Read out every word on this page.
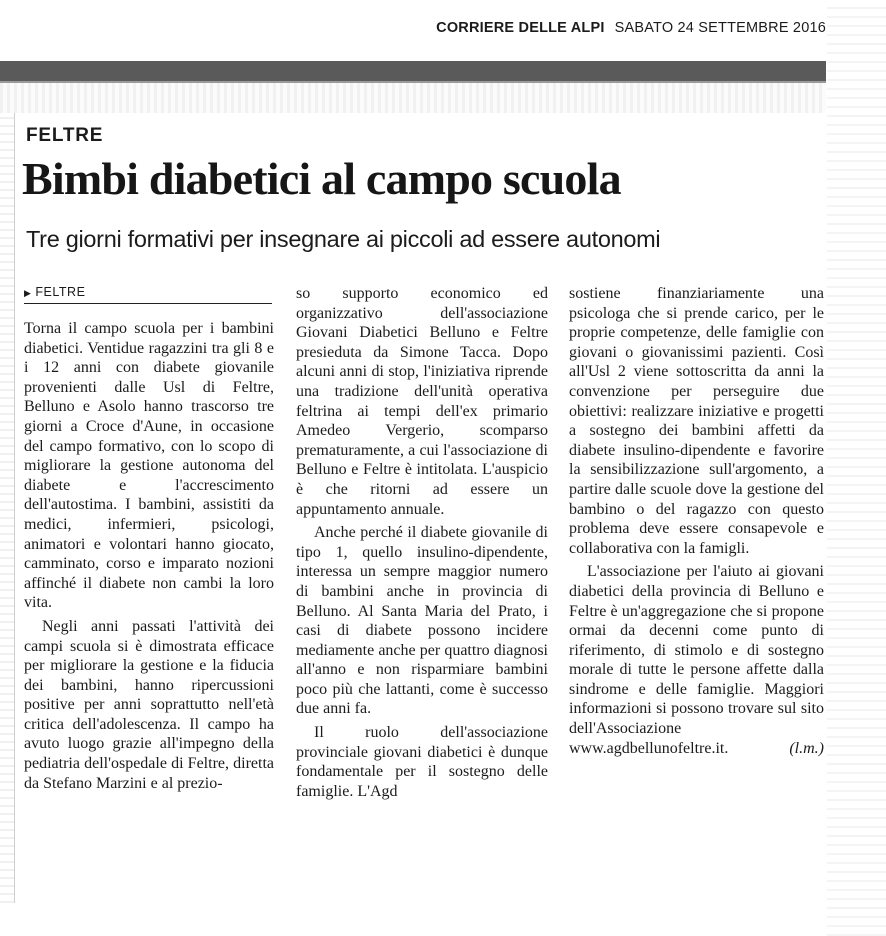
CORRIERE DELLE ALPI SABATO 24 SETTEMBRE 2016
FELTRE
Bimbi diabetici al campo scuola
Tre giorni formativi per insegnare ai piccoli ad essere autonomi
▶ FELTRE

Torna il campo scuola per i bambini diabetici. Ventidue ragazzini tra gli 8 e i 12 anni con diabete giovanile provenienti dalle Usl di Feltre, Belluno e Asolo hanno trascorso tre giorni a Croce d'Aune, in occasione del campo formativo, con lo scopo di migliorare la gestione autonoma del diabete e l'accrescimento dell'autostima. I bambini, assistiti da medici, infermieri, psicologi, animatori e volontari hanno giocato, camminato, corso e imparato nozioni affinché il diabete non cambi la loro vita.

Negli anni passati l'attività dei campi scuola si è dimostrata efficace per migliorare la gestione e la fiducia dei bambini, hanno ripercussioni positive per anni soprattutto nell'età critica dell'adolescenza. Il campo ha avuto luogo grazie all'impegno della pediatria dell'ospedale di Feltre, diretta da Stefano Marzini e al prezio-

so supporto economico ed organizzativo dell'associazione Giovani Diabetici Belluno e Feltre presieduta da Simone Tacca. Dopo alcuni anni di stop, l'iniziativa riprende una tradizione dell'unità operativa feltrina ai tempi dell'ex primario Amedeo Vergerio, scomparso prematuramente, a cui l'associazione di Belluno e Feltre è intitolata. L'auspicio è che ritorni ad essere un appuntamento annuale.

Anche perché il diabete giovanile di tipo 1, quello insulino-dipendente, interessa un sempre maggior numero di bambini anche in provincia di Belluno. Al Santa Maria del Prato, i casi di diabete possono incidere mediamente anche per quattro diagnosi all'anno e non risparmiare bambini poco più che lattanti, come è successo due anni fa.

Il ruolo dell'associazione provinciale giovani diabetici è dunque fondamentale per il sostegno delle famiglie. L'Agd

sostiene finanziariamente una psicologa che si prende carico, per le proprie competenze, delle famiglie con giovani o giovanissimi pazienti. Così all'Usl 2 viene sottoscritta da anni la convenzione per perseguire due obiettivi: realizzare iniziative e progetti a sostegno dei bambini affetti da diabete insulino-dipendente e favorire la sensibilizzazione sull'argomento, a partire dalle scuole dove la gestione del bambino o del ragazzo con questo problema deve essere consapevole e collaborativa con la famigli.

L'associazione per l'aiuto ai giovani diabetici della provincia di Belluno e Feltre è un'aggregazione che si propone ormai da decenni come punto di riferimento, di stimolo e di sostegno morale di tutte le persone affette dalla sindrome e delle famiglie. Maggiori informazioni si possono trovare sul sito dell'Associazione www.agdbellunofeltre.it.	(l.m.)
